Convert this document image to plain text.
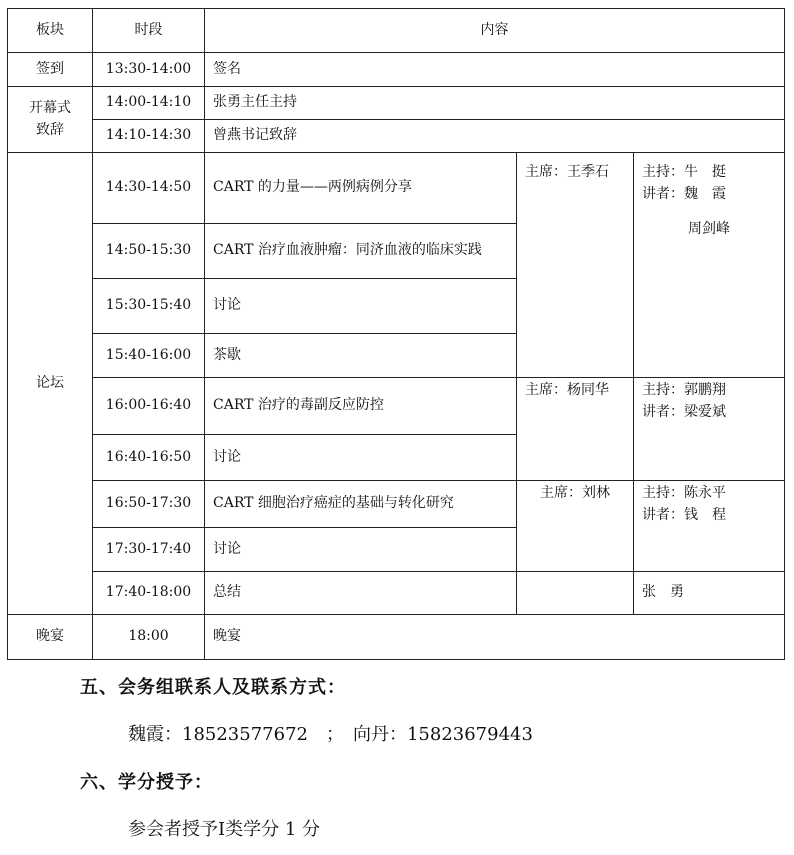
板块	时段	内容		
签到	13:30-14:00	签名		

开幕式
致辞	14:00-14:10	张勇主任主持		
	14:10-14:30	曾燕书记致辞		
论坛	14:30-14:50	CART 的力量——两例病例分享	主席：王季石	主持：牛　挺
讲者：魏　霞
周剑峰

	14:50-15:30	CART 治疗血液肿瘤：同济血液的临床实践		
	15:30-15:40	讨论		
	15:40-16:00	茶歇		
	16:00-16:40	CART 治疗的毒副反应防控	主席：杨同华	主持：郭鹏翔
讲者：梁爱斌

	16:40-16:50	讨论		
	16:50-17:30	CART 细胞治疗癌症的基础与转化研究	主席：刘林	主持：陈永平
讲者：钱　程

	17:30-17:40	讨论		
	17:40-18:00	总结		张　勇
晚宴	18:00	晚宴		
五、会务组联系人及联系方式：
魏霞：18523577672　；　向丹：15823679443
六、学分授予：
参会者授予Ⅰ类学分 1 分
